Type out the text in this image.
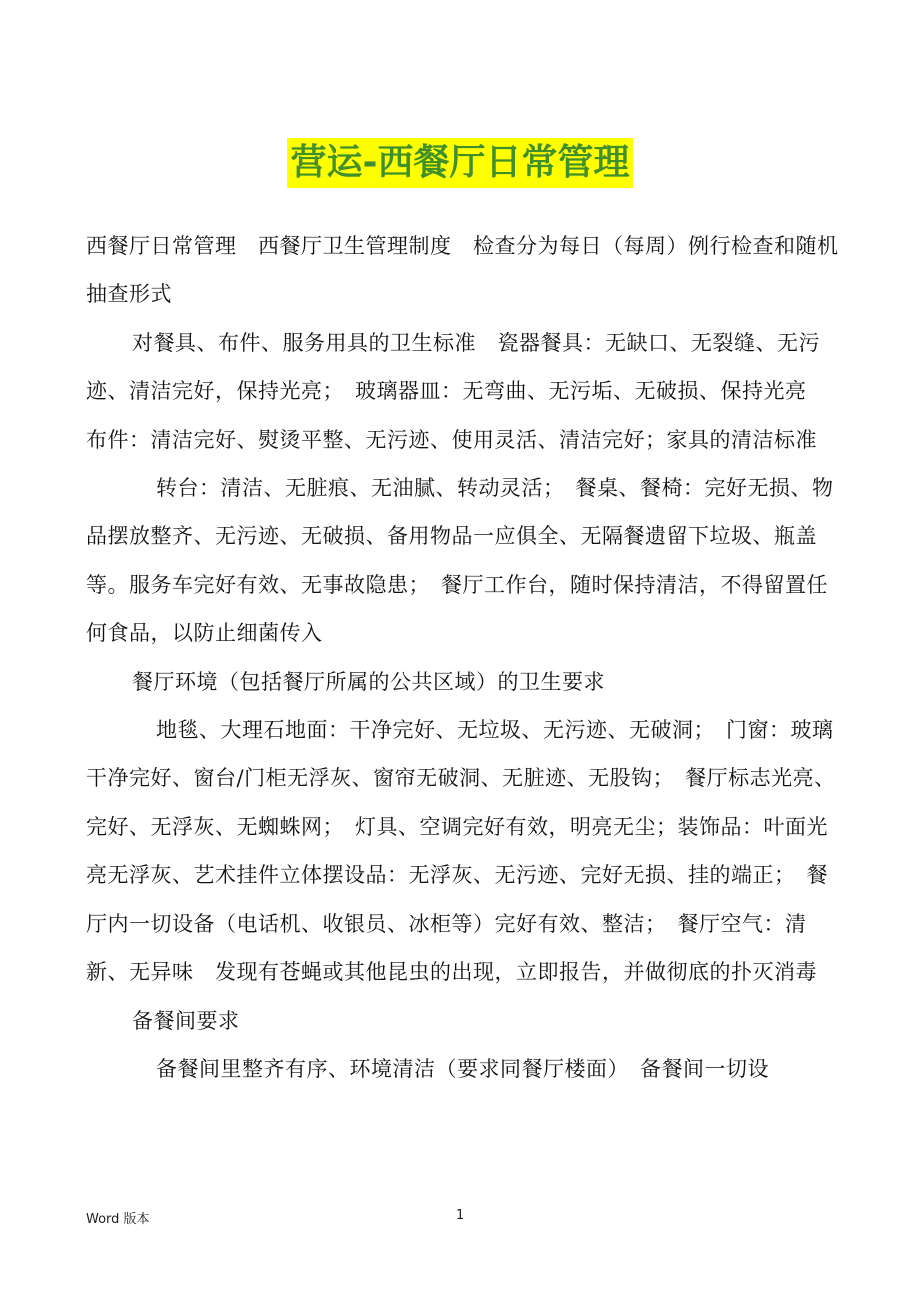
营运-西餐厅日常管理

西餐厅日常管理　西餐厅卫生管理制度　检查分为每日（每周）例行检查和随机抽查形式

对餐具、布件、服务用具的卫生标准　瓷器餐具：无缺口、无裂缝、无污迹、清洁完好，保持光亮；　玻璃器皿：无弯曲、无污垢、无破损、保持光亮　布件：清洁完好、熨烫平整、无污迹、使用灵活、清洁完好；家具的清洁标准

转台：清洁、无脏痕、无油腻、转动灵活；　餐桌、餐椅：完好无损、物品摆放整齐、无污迹、无破损、备用物品一应俱全、无隔餐遗留下垃圾、瓶盖等。服务车完好有效、无事故隐患；　餐厅工作台，随时保持清洁，不得留置任何食品，以防止细菌传入

餐厅环境（包括餐厅所属的公共区域）的卫生要求

地毯、大理石地面：干净完好、无垃圾、无污迹、无破洞；　门窗：玻璃干净完好、窗台/门柜无浮灰、窗帘无破洞、无脏迹、无股钩；　餐厅标志光亮、完好、无浮灰、无蜘蛛网；　灯具、空调完好有效，明亮无尘；装饰品：叶面光亮无浮灰、艺术挂件立体摆设品：无浮灰、无污迹、完好无损、挂的端正；　餐厅内一切设备（电话机、收银员、冰柜等）完好有效、整洁；　餐厅空气：清新、无异味　发现有苍蝇或其他昆虫的出现，立即报告，并做彻底的扑灭消毒

备餐间要求

备餐间里整齐有序、环境清洁（要求同餐厅楼面）　备餐间一切设

Word 版本	1
